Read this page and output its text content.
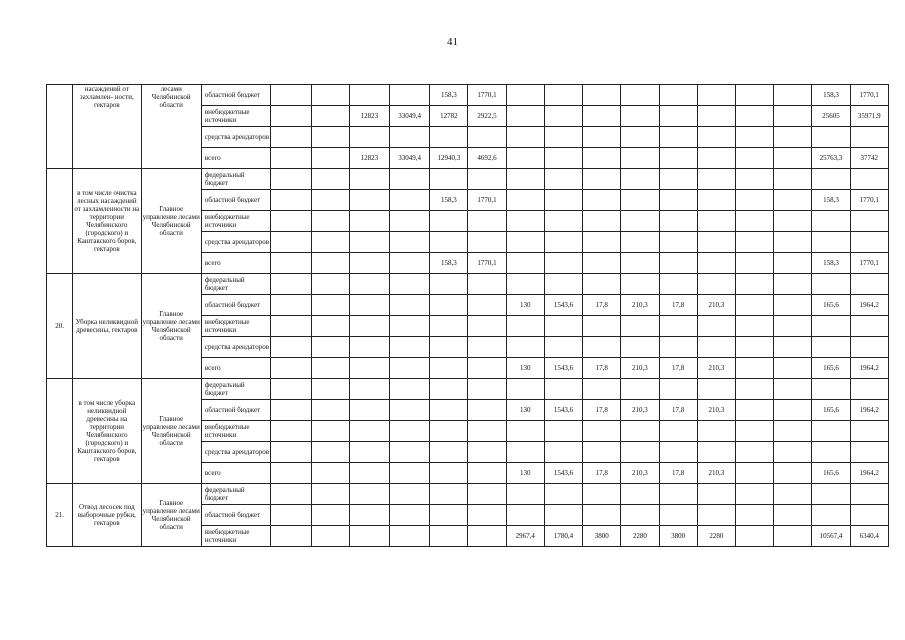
41
	насаждений от захламлен- ности, гектаров	лесами Челябинской области	областной бюджет					158,3	1770,1									158,3	1770,1
			внебюджетные источники			12823	33049,4	12782	2922,5									25605	35971,9
			средства арендаторов																
			всего			12823	33049,4	12940,3	4692,6									25763,3	37742
	в том числе очистка лесных насаждений от захламленности на территории Челябинского (городского) и Каштакского боров, гектаров	Главное управление лесами Челябинской области	федеральный бюджет																
			областной бюджет					158,3	1770,1									158,3	1770,1
			внебюджетные источники																
			средства арендаторов																
			всего					158,3	1770,1									158,3	1770,1
20.	Уборка неликвидной древесины, гектаров	Главное управление лесами Челябинской области	федеральный бюджет																
			областной бюджет							130	1543,6	17,8	210,3	17,8	210,3			165,6	1964,2
			внебюджетные источники																
			средства арендаторов																
			всего							130	1543,6	17,8	210,3	17,8	210,3			165,6	1964,2
	в том числе уборка неликвидной древесины на территории Челябинского (городского) и Каштакского боров, гектаров	Главное управление лесами Челябинской области	федеральный бюджет																
			областной бюджет							130	1543,6	17,8	210,3	17,8	210,3			165,6	1964,2
			внебюджетные источники																
			средства арендаторов																
			всего							130	1543,6	17,8	210,3	17,8	210,3			165,6	1964,2
21.	Отвод лесосек под выборочные рубки, гектаров	Главное управление лесами Челябинской области	федеральный бюджет																
			областной бюджет																
			внебюджетные источники							2967,4	1780,4	3800	2280	3800	2280			10567,4	6340,4
